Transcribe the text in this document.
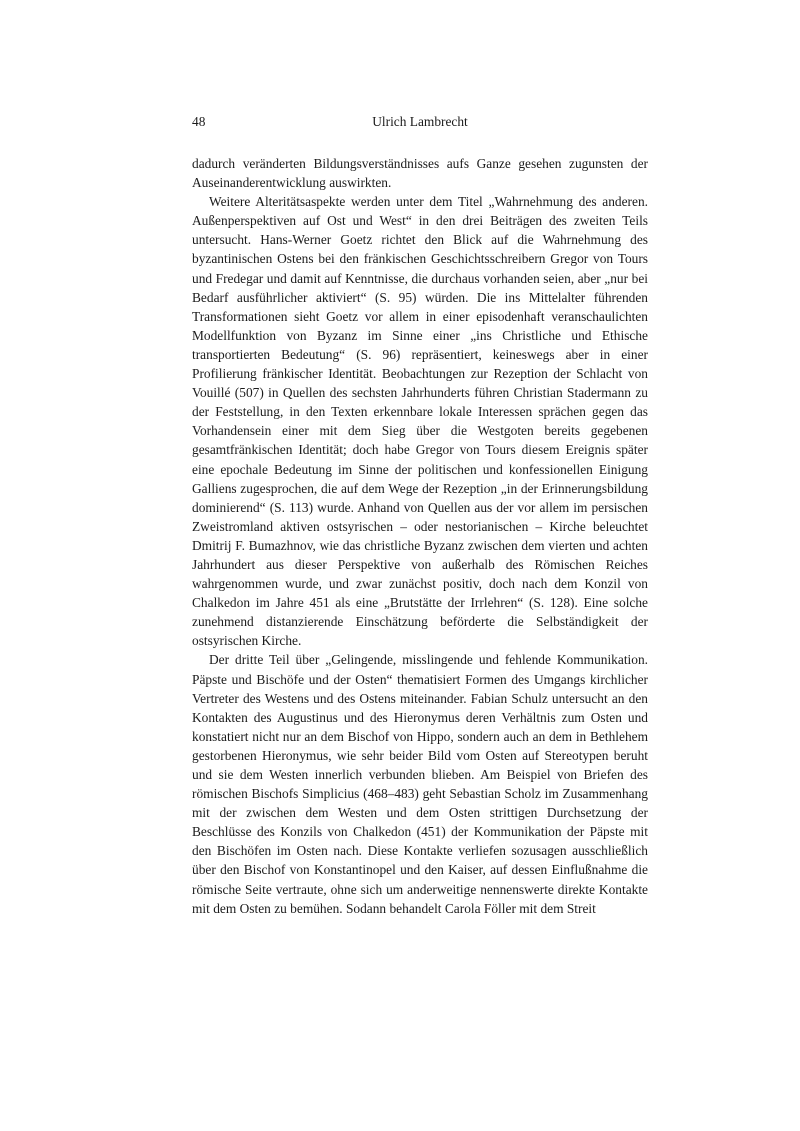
48	Ulrich Lambrecht

dadurch veränderten Bildungsverständnisses aufs Ganze gesehen zugunsten der Auseinanderentwicklung auswirkten.

Weitere Alteritätsaspekte werden unter dem Titel „Wahrnehmung des anderen. Außenperspektiven auf Ost und West“ in den drei Beiträgen des zweiten Teils untersucht. Hans-Werner Goetz richtet den Blick auf die Wahrnehmung des byzantinischen Ostens bei den fränkischen Geschichtsschreibern Gregor von Tours und Fredegar und damit auf Kenntnisse, die durchaus vorhanden seien, aber „nur bei Bedarf ausführlicher aktiviert“ (S. 95) würden. Die ins Mittelalter führenden Transformationen sieht Goetz vor allem in einer episodenhaft veranschaulichten Modellfunktion von Byzanz im Sinne einer „ins Christliche und Ethische transportierten Bedeutung“ (S. 96) repräsentiert, keineswegs aber in einer Profilierung fränkischer Identität. Beobachtungen zur Rezeption der Schlacht von Vouillé (507) in Quellen des sechsten Jahrhunderts führen Christian Stadermann zu der Feststellung, in den Texten erkennbare lokale Interessen sprächen gegen das Vorhandensein einer mit dem Sieg über die Westgoten bereits gegebenen gesamtfränkischen Identität; doch habe Gregor von Tours diesem Ereignis später eine epochale Bedeutung im Sinne der politischen und konfessionellen Einigung Galliens zugesprochen, die auf dem Wege der Rezeption „in der Erinnerungsbildung dominierend“ (S. 113) wurde. Anhand von Quellen aus der vor allem im persischen Zweistromland aktiven ostsyrischen – oder nestorianischen – Kirche beleuchtet Dmitrij F. Bumazhnov, wie das christliche Byzanz zwischen dem vierten und achten Jahrhundert aus dieser Perspektive von außerhalb des Römischen Reiches wahrgenommen wurde, und zwar zunächst positiv, doch nach dem Konzil von Chalkedon im Jahre 451 als eine „Brutstätte der Irrlehren“ (S. 128). Eine solche zunehmend distanzierende Einschätzung beförderte die Selbständigkeit der ostsyrischen Kirche.

Der dritte Teil über „Gelingende, misslingende und fehlende Kommunikation. Päpste und Bischöfe und der Osten“ thematisiert Formen des Umgangs kirchlicher Vertreter des Westens und des Ostens miteinander. Fabian Schulz untersucht an den Kontakten des Augustinus und des Hieronymus deren Verhältnis zum Osten und konstatiert nicht nur an dem Bischof von Hippo, sondern auch an dem in Bethlehem gestorbenen Hieronymus, wie sehr beider Bild vom Osten auf Stereotypen beruht und sie dem Westen innerlich verbunden blieben. Am Beispiel von Briefen des römischen Bischofs Simplicius (468–483) geht Sebastian Scholz im Zusammenhang mit der zwischen dem Westen und dem Osten strittigen Durchsetzung der Beschlüsse des Konzils von Chalkedon (451) der Kommunikation der Päpste mit den Bischöfen im Osten nach. Diese Kontakte verliefen sozusagen ausschließlich über den Bischof von Konstantinopel und den Kaiser, auf dessen Einflußnahme die römische Seite vertraute, ohne sich um anderweitige nennenswerte direkte Kontakte mit dem Osten zu bemühen. Sodann behandelt Carola Föller mit dem Streit
